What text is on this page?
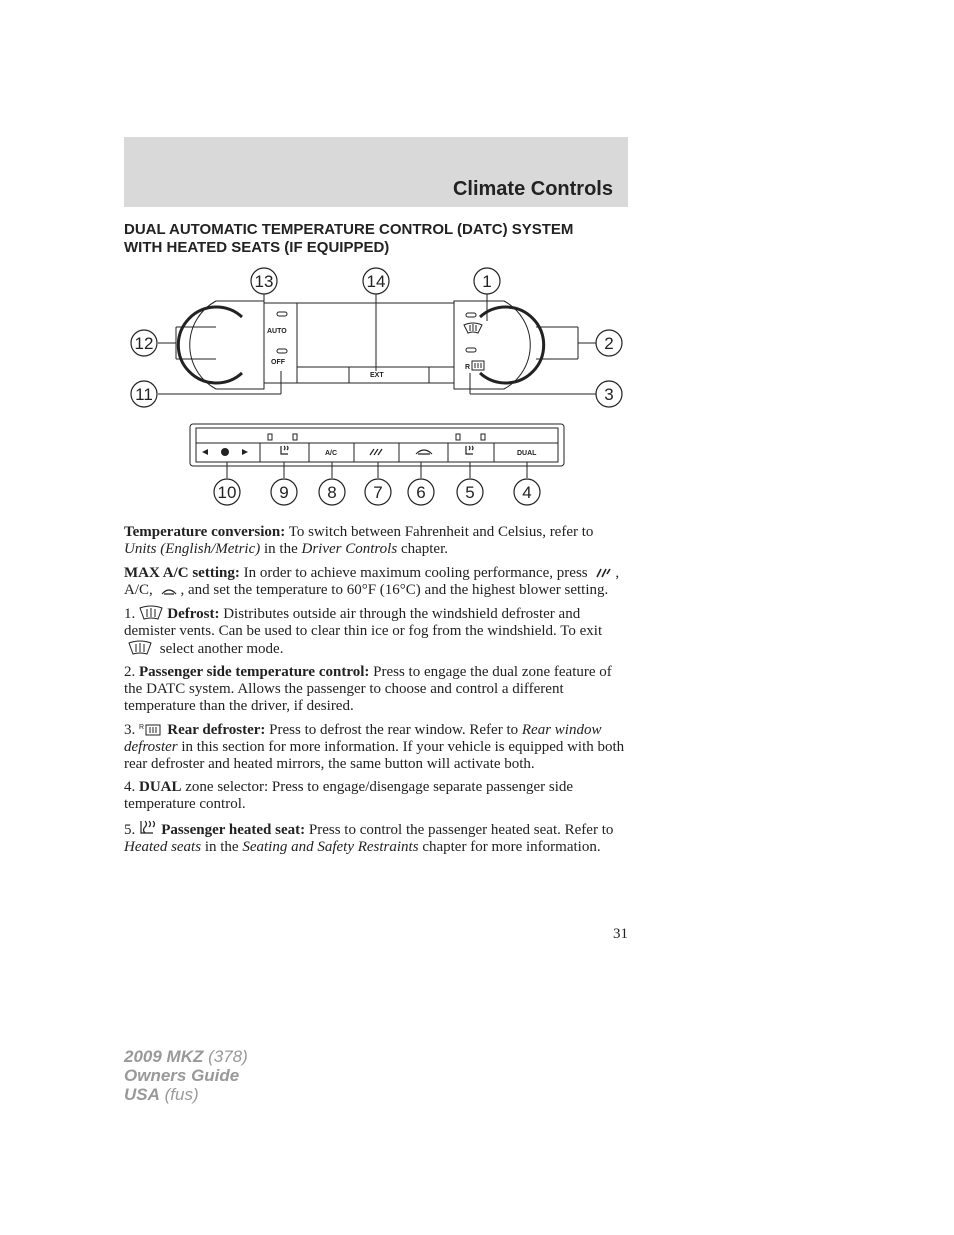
Climate Controls
DUAL AUTOMATIC TEMPERATURE CONTROL (DATC) SYSTEM
WITH HEATED SEATS (IF EQUIPPED)
AUTO
OFF
EXT
R
A/C	DUAL
13	14	1
12	2
11	3
10	9 8 7 6 5	4

Temperature conversion: To switch between Fahrenheit and Celsius, refer to Units (English/Metric) in the Driver Controls chapter.

MAX A/C setting: In order to achieve maximum cooling performance, press , A/C, , and set the temperature to 60°F (16°C) and the highest blower setting.

1. Defrost: Distributes outside air through the windshield defroster and demister vents. Can be used to clear thin ice or fog from the windshield. To exit  select another mode.

2. Passenger side temperature control: Press to engage the dual zone feature of the DATC system. Allows the passenger to choose and control a different temperature than the driver, if desired.

3. R Rear defroster: Press to defrost the rear window. Refer to Rear window defroster in this section for more information. If your vehicle is equipped with both rear defroster and heated mirrors, the same button will activate both.

4. DUAL zone selector: Press to engage/disengage separate passenger side temperature control.

5. Passenger heated seat: Press to control the passenger heated seat. Refer to Heated seats in the Seating and Safety Restraints chapter for more information.

31
2009 MKZ (378)
Owners Guide
USA (fus)
